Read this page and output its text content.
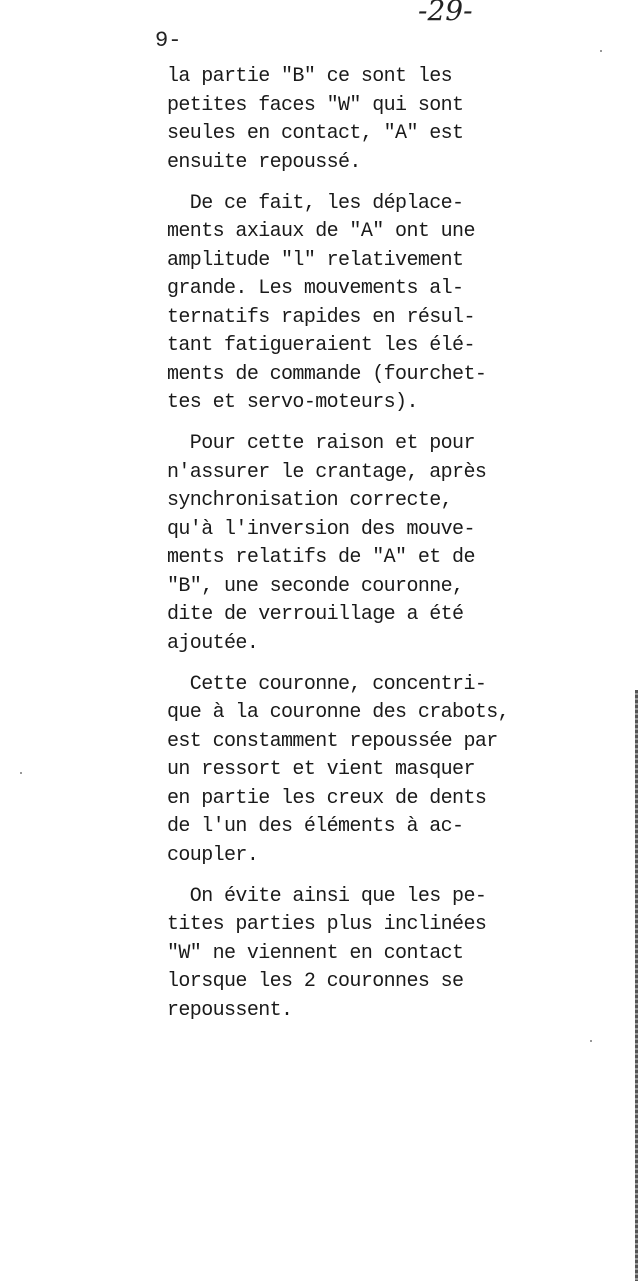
-29-
9-

la partie "B" ce sont les
petites faces "W" qui sont
seules en contact, "A" est
ensuite repoussé.

De ce fait, les déplace-
ments axiaux de "A" ont une
amplitude "l" relativement
grande. Les mouvements al-
ternatifs rapides en résul-
tant fatigueraient les élé-
ments de commande (fourchet-
tes et servo-moteurs).

Pour cette raison et pour
n'assurer le crantage, après
synchronisation correcte,
qu'à l'inversion des mouve-
ments relatifs de "A" et de
"B", une seconde couronne,
dite de verrouillage a été
ajoutée.

Cette couronne, concentri-
que à la couronne des crabots,
est constamment repoussée par
un ressort et vient masquer
en partie les creux de dents
de l'un des éléments à ac-
coupler.

On évite ainsi que les pe-
tites parties plus inclinées
"W" ne viennent en contact
lorsque les 2 couronnes se
repoussent.
